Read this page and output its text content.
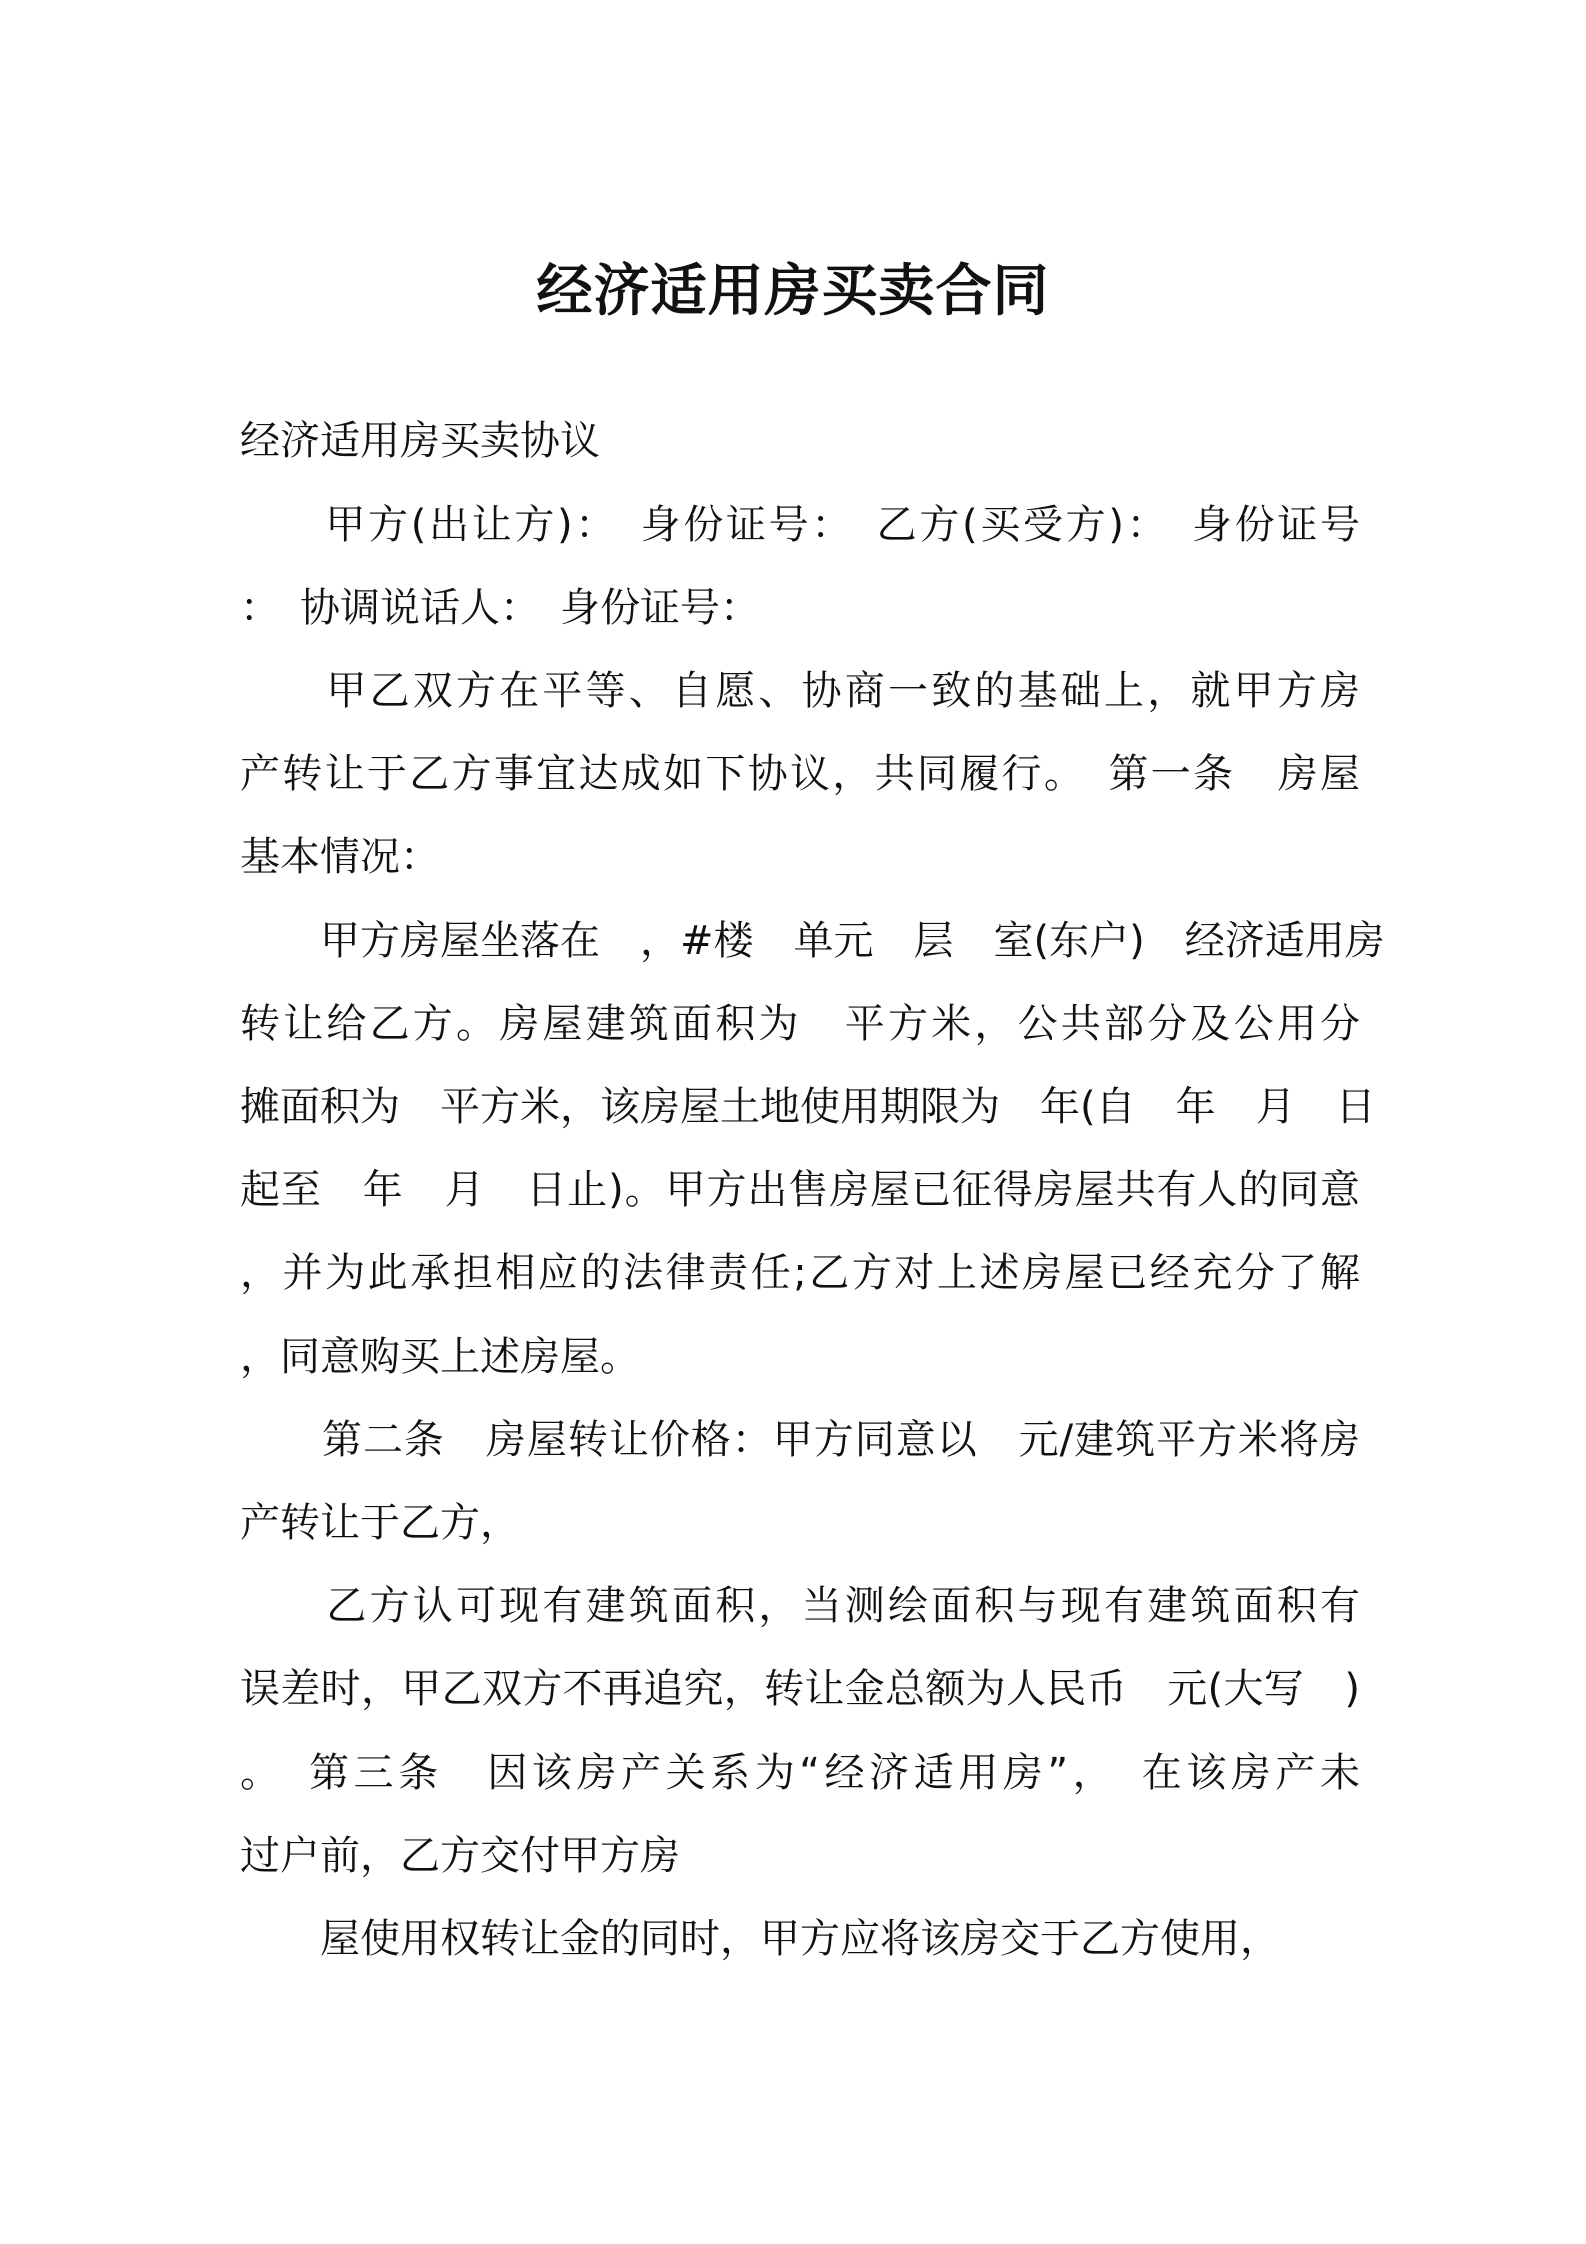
经济适用房买卖合同
经济适用房买卖协议
　　甲方(出让方)：　身份证号：　乙方(买受方)：　身份证号
：　协调说话人：　身份证号：
　　甲乙双方在平等、自愿、协商一致的基础上，就甲方房
产转让于乙方事宜达成如下协议，共同履行。　第一条　房屋
基本情况：
　　甲方房屋坐落在　，#楼　单元　层　室(东户)　经济适用房
转让给乙方。房屋建筑面积为　平方米，公共部分及公用分
摊面积为　平方米，该房屋土地使用期限为　年(自　年　月　日
起至　年　月　日止)。甲方出售房屋已征得房屋共有人的同意
，并为此承担相应的法律责任;乙方对上述房屋已经充分了解
，同意购买上述房屋。
　　第二条　房屋转让价格：甲方同意以　元/建筑平方米将房
产转让于乙方，
　　乙方认可现有建筑面积，当测绘面积与现有建筑面积有
误差时，甲乙双方不再追究，转让金总额为人民币　元(大写　)
。　第三条　因该房产关系为“经济适用房”，　在该房产未
过户前，乙方交付甲方房
　　屋使用权转让金的同时，甲方应将该房交于乙方使用，
